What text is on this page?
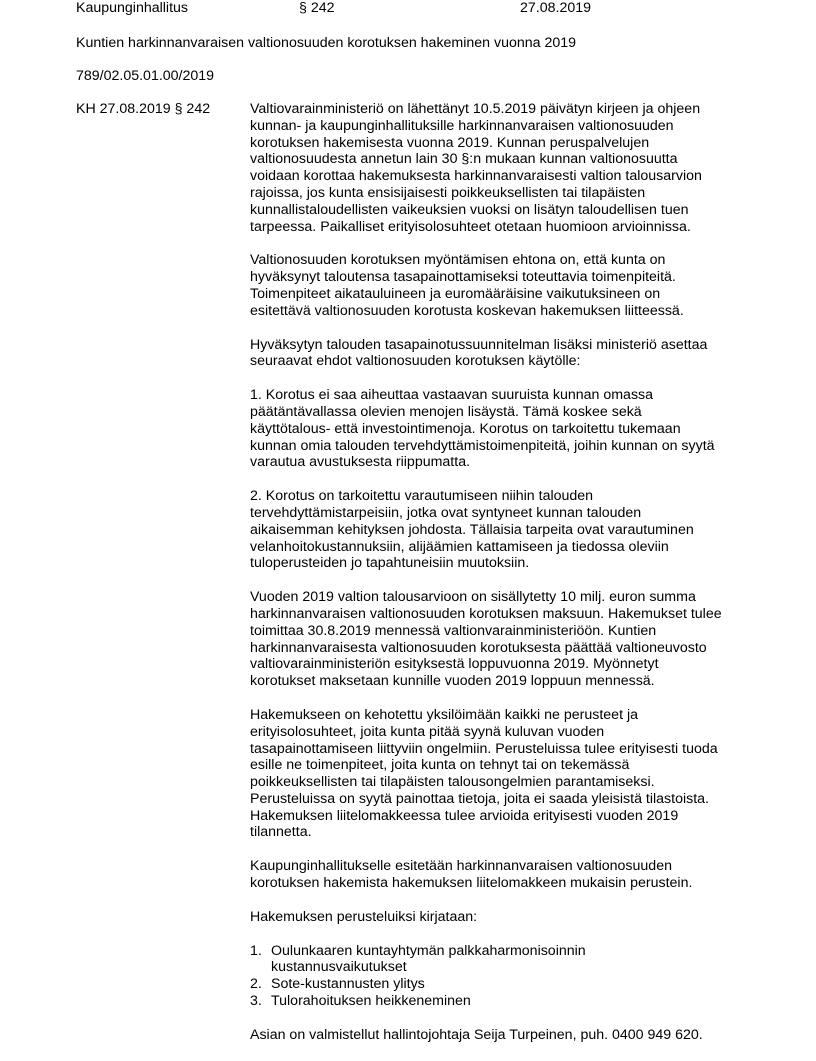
Kaupunginhallitus	§ 242	27.08.2019
Kuntien harkinnanvaraisen valtionosuuden korotuksen hakeminen vuonna 2019
789/02.05.01.00/2019
KH 27.08.2019 § 242	Valtiovarainministeriö on lähettänyt 10.5.2019 päivätyn kirjeen ja ohjeen
kunnan- ja kaupunginhallituksille harkinnanvaraisen valtionosuuden
korotuksen hakemisesta vuonna 2019. Kunnan peruspalvelujen
valtionosuudesta annetun lain 30 §:n mukaan kunnan valtionosuutta
voidaan korottaa hakemuksesta harkinnanvaraisesti valtion talousarvion
rajoissa, jos kunta ensisijaisesti poikkeuksellisten tai tilapäisten
kunnallistaloudellisten vaikeuksien vuoksi on lisätyn taloudellisen tuen
tarpeessa. Paikalliset erityisolosuhteet otetaan huomioon arvioinnissa.
Valtionosuuden korotuksen myöntämisen ehtona on, että kunta on
hyväksynyt taloutensa tasapainottamiseksi toteuttavia toimenpiteitä.
Toimenpiteet aikatauluineen ja euromääräisine vaikutuksineen on
esitettävä valtionosuuden korotusta koskevan hakemuksen liitteessä.
Hyväksytyn talouden tasapainotussuunnitelman lisäksi ministeriö asettaa
seuraavat ehdot valtionosuuden korotuksen käytölle:
1. Korotus ei saa aiheuttaa vastaavan suuruista kunnan omassa
päätäntävallassa olevien menojen lisäystä. Tämä koskee sekä
käyttötalous- että investointimenoja. Korotus on tarkoitettu tukemaan
kunnan omia talouden tervehdyttämistoimenpiteitä, joihin kunnan on syytä
varautua avustuksesta riippumatta.
2. Korotus on tarkoitettu varautumiseen niihin talouden
tervehdyttämistarpeisiin, jotka ovat syntyneet kunnan talouden
aikaisemman kehityksen johdosta. Tällaisia tarpeita ovat varautuminen
velanhoitokustannuksiin, alijäämien kattamiseen ja tiedossa oleviin
tuloperusteiden jo tapahtuneisiin muutoksiin.
Vuoden 2019 valtion talousarvioon on sisällytetty 10 milj. euron summa
harkinnanvaraisen valtionosuuden korotuksen maksuun. Hakemukset tulee
toimittaa 30.8.2019 mennessä valtionvarainministeriöön. Kuntien
harkinnanvaraisesta valtionosuuden korotuksesta päättää valtioneuvosto
valtiovarainministeriön esityksestä loppuvuonna 2019. Myönnetyt
korotukset maksetaan kunnille vuoden 2019 loppuun mennessä.
Hakemukseen on kehotettu yksilöimään kaikki ne perusteet ja
erityisolosuhteet, joita kunta pitää syynä kuluvan vuoden
tasapainottamiseen liittyviin ongelmiin. Perusteluissa tulee erityisesti tuoda
esille ne toimenpiteet, joita kunta on tehnyt tai on tekemässä
poikkeuksellisten tai tilapäisten talousongelmien parantamiseksi.
Perusteluissa on syytä painottaa tietoja, joita ei saada yleisistä tilastoista.
Hakemuksen liitelomakkeessa tulee arvioida erityisesti vuoden 2019
tilannetta.
Kaupunginhallitukselle esitetään harkinnanvaraisen valtionosuuden
korotuksen hakemista hakemuksen liitelomakkeen mukaisin perustein.
Hakemuksen perusteluiksi kirjataan:
1. Oulunkaaren kuntayhtymän palkkaharmonisoinnin
kustannusvaikutukset
2. Sote-kustannusten ylitys
3. Tulorahoituksen heikkeneminen
Asian on valmistellut hallintojohtaja Seija Turpeinen, puh. 0400 949 620.
